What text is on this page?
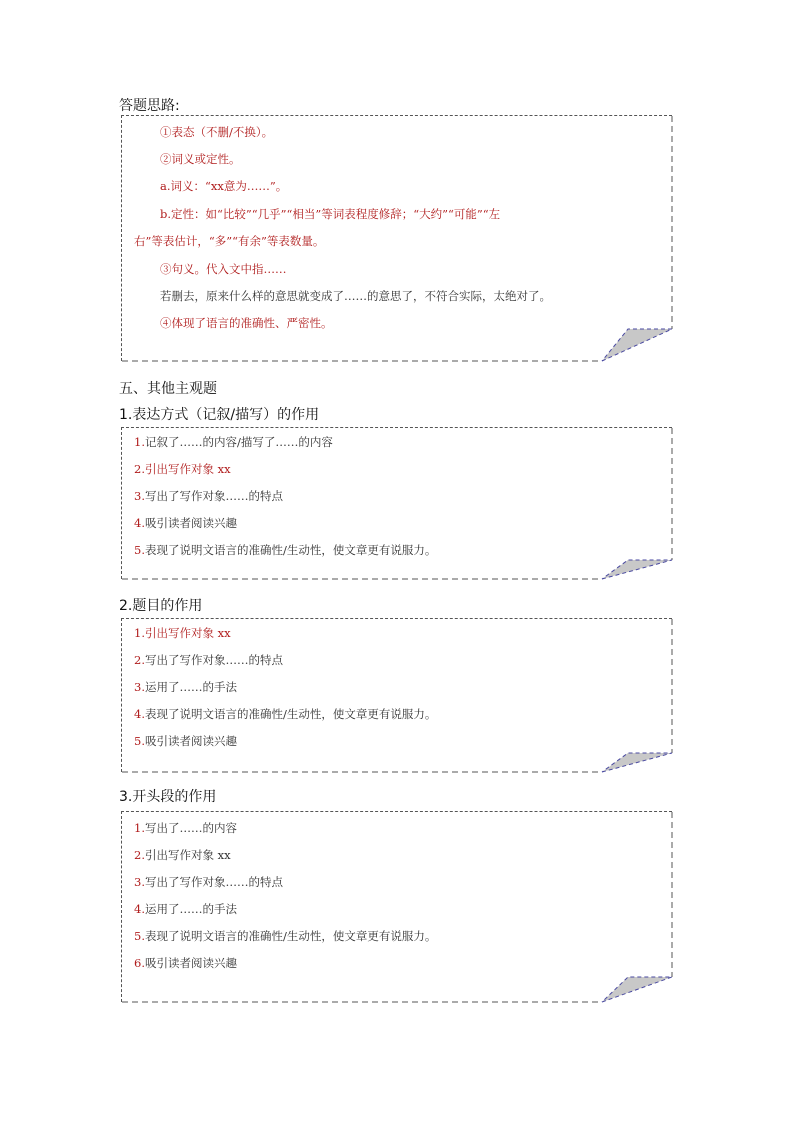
答题思路:
①表态（不删/不换）。
②词义或定性。
a.词义：“xx意为……”。
b.定性：如“比较”“几乎”“相当”等词表程度修辞；“大约”“可能”“左
右”等表估计，“多”“有余”等表数量。
③句义。代入文中指……
若删去，原来什么样的意思就变成了……的意思了，不符合实际，太绝对了。
④体现了语言的准确性、严密性。
五、其他主观题
1.表达方式（记叙/描写）的作用
1.记叙了……的内容/描写了……的内容
2.引出写作对象 xx
3.写出了写作对象……的特点
4.吸引读者阅读兴趣
5.表现了说明文语言的准确性/生动性，使文章更有说服力。
2.题目的作用
1.引出写作对象 xx
2.写出了写作对象……的特点
3.运用了……的手法
4.表现了说明文语言的准确性/生动性，使文章更有说服力。
5.吸引读者阅读兴趣
3.开头段的作用
1.写出了……的内容
2.引出写作对象 xx
3.写出了写作对象……的特点
4.运用了……的手法
5.表现了说明文语言的准确性/生动性，使文章更有说服力。
6.吸引读者阅读兴趣
